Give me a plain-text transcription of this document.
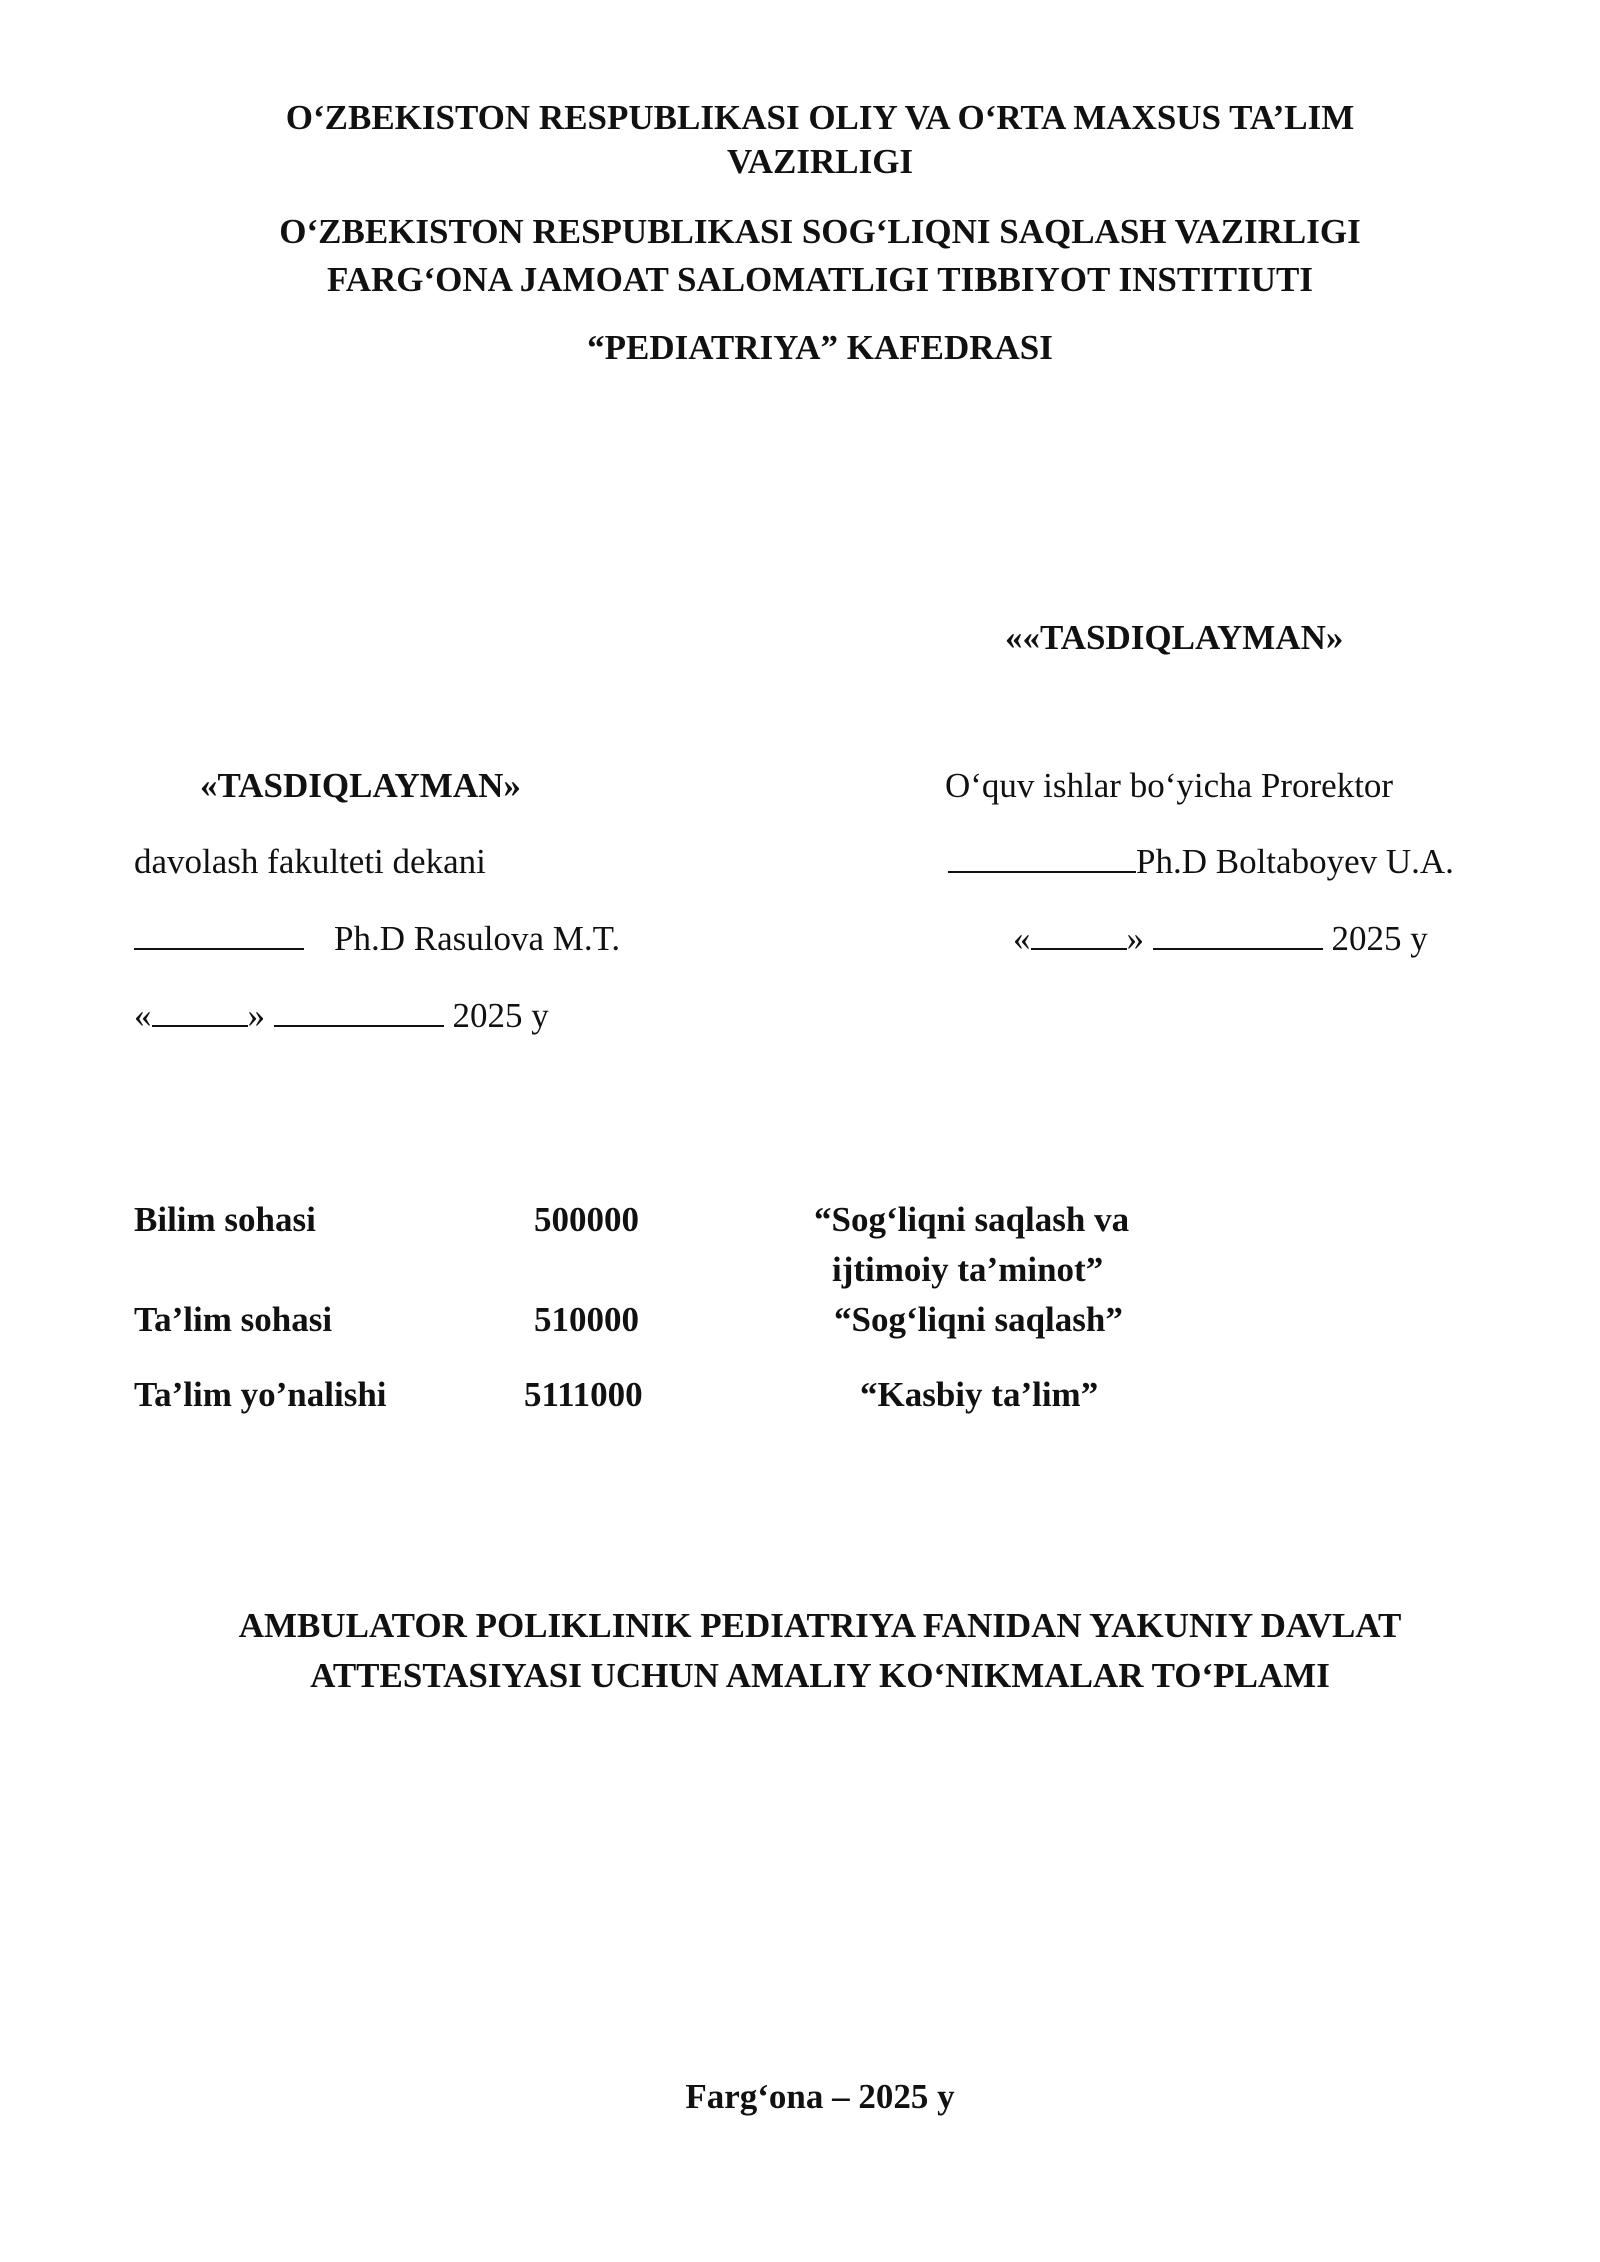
O‘ZBEKISTON RESPUBLIKASI OLIY VA O‘RTA MAXSUS TA’LIM
VAZIRLIGI
O‘ZBEKISTON RESPUBLIKASI SOG‘LIQNI SAQLASH VAZIRLIGI
FARG‘ONA JAMOAT SALOMATLIGI TIBBIYOT INSTITIUTI
“PEDIATRIYA” KAFEDRASI
««TASDIQLAYMAN»
«TASDIQLAYMAN»
davolash fakulteti dekani
Ph.D Rasulova M.T.
«	»	2025 y
O‘quv ishlar bo‘yicha Prorektor
Ph.D Boltaboyev U.A.
«	»	2025 y
Bilim sohasi	500000	“Sog‘liqni saqlash va
ijtimoiy ta’minot”
Ta’lim sohasi	510000	“Sog‘liqni saqlash”
Ta’lim yo’nalishi	5111000	“Kasbiy ta’lim”
AMBULATOR POLIKLINIK PEDIATRIYA FANIDAN YAKUNIY DAVLAT
ATTESTASIYASI UCHUN AMALIY KO‘NIKMALAR TO‘PLAMI
Farg‘ona – 2025 y
